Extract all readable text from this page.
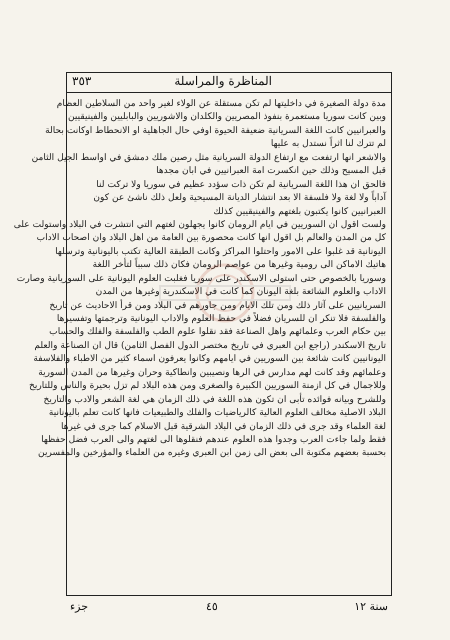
المناظرة والمراسلة
٣٥٣
مدة دولة الصغيرة في داخليتها لم تكن مستقلة عن الولاء لغير واحد من السلاطين العظام
وبين كانت سوريا مستعمرة بنفوذ المصريين والكلدان والاشوريين والبابليين والفينيقيين
والعبرانيين كانت اللغة السريانية ضعيفة الحيوة اوفي حال الجاهلية او الانحطاط اوكانت بحالة
لم تترك لنا اثراً نستدل به عليها
والاشعر انها ارتفعت مع ارتفاع الدولة السريانية مثل رصين ملك دمشق في اواسط الجيل الثامن
قبل المسيح وذلك حين انكسرت امة العبرانيين في ابان مجدها
فالحق ان هذا اللغة السريانية لم تكن ذات سؤدد عظيم في سوريا ولا تركت لنا
آداباً ولا لغة ولا فلسفة الا بعد انتشار الديانة المسيحية ولعل ذلك ناشئ عن كون
العبرانيين كانوا يكتبون بلغتهم والفينيقيين كذلك
ولست اقول ان السوريين في ايام الرومان كانوا يجهلون لغتهم التي انتشرت في البلاد واستولت على
كل من المدن والعالم بل اقول انها كانت محصورة بين العامة من اهل البلاد وان اصحاب الاداب
اليونانية قد غلبوا على الامور واحتلوا المراكز وكانت الطبقة العالية تكتب باليونانية وترسلها
هاتيك الاماكن الى رومية وغيرها من عواصم الرومان فكان ذلك سبباً لتأخر اللغة
وسوريا بالخصوص حتى استولى الاسكندر على سوريا فغلبت العلوم اليونانية على السوريانية وصارت
الاداب والعلوم الشائعة بلغة اليونان كما كانت في الاسكندرية وغيرها من المدن
السريانيين على آثار ذلك ومن تلك الايام ومن جاورهم في البلاد ومن قرأ الاحاديث عن تاريخ
والفلسفة فلا تنكر ان للسريان فضلاً في حفظ العلوم والاداب اليونانية وترجمتها وتفسيرها
بين حكام العرب وعلمائهم واهل الصناعة فقد نقلوا علوم الطب والفلسفة والفلك والحساب
تاريخ الاسكندر (راجع ابن العبري في تاريخ مختصر الدول الفصل الثامن) قال ان الصناعة والعلم
اليونانيين كانت شائعة بين السوريين في ايامهم وكانوا يعرفون اسماء كثير من الاطباء والفلاسفة
وعلمائهم وقد كانت لهم مدارس في الرها ونصيبين وانطاكية وحران وغيرها من المدن السورية
وللاجمال في كل ازمنة السوريين الكبيرة والصغرى ومن هذه البلاد لم تزل بحيرة والناس وللتاريخ
وللشرح وبيانه فوائده تأبى ان تكون هذه اللغة في ذلك الزمان هي لغة الشعر والادب والتاريخ
البلاد الاصلية مخالف العلوم العالية كالرياضيات والفلك والطبيعيات فانها كانت تعلم باليونانية
لغة العلماء وقد جرى في ذلك الزمان في البلاد الشرقية قبل الاسلام كما جرى في غيرها
فقط ولما جاءت العرب وجدوا هذه العلوم عندهم فنقلوها الى لغتهم والى العرب فضل حفظها
بحسبة بعضهم مكتوبة الى بعض الى زمن ابن العبري وغيره من العلماء والمؤرخين والمفسرين
سنة ١٢
٤٥
جزء
